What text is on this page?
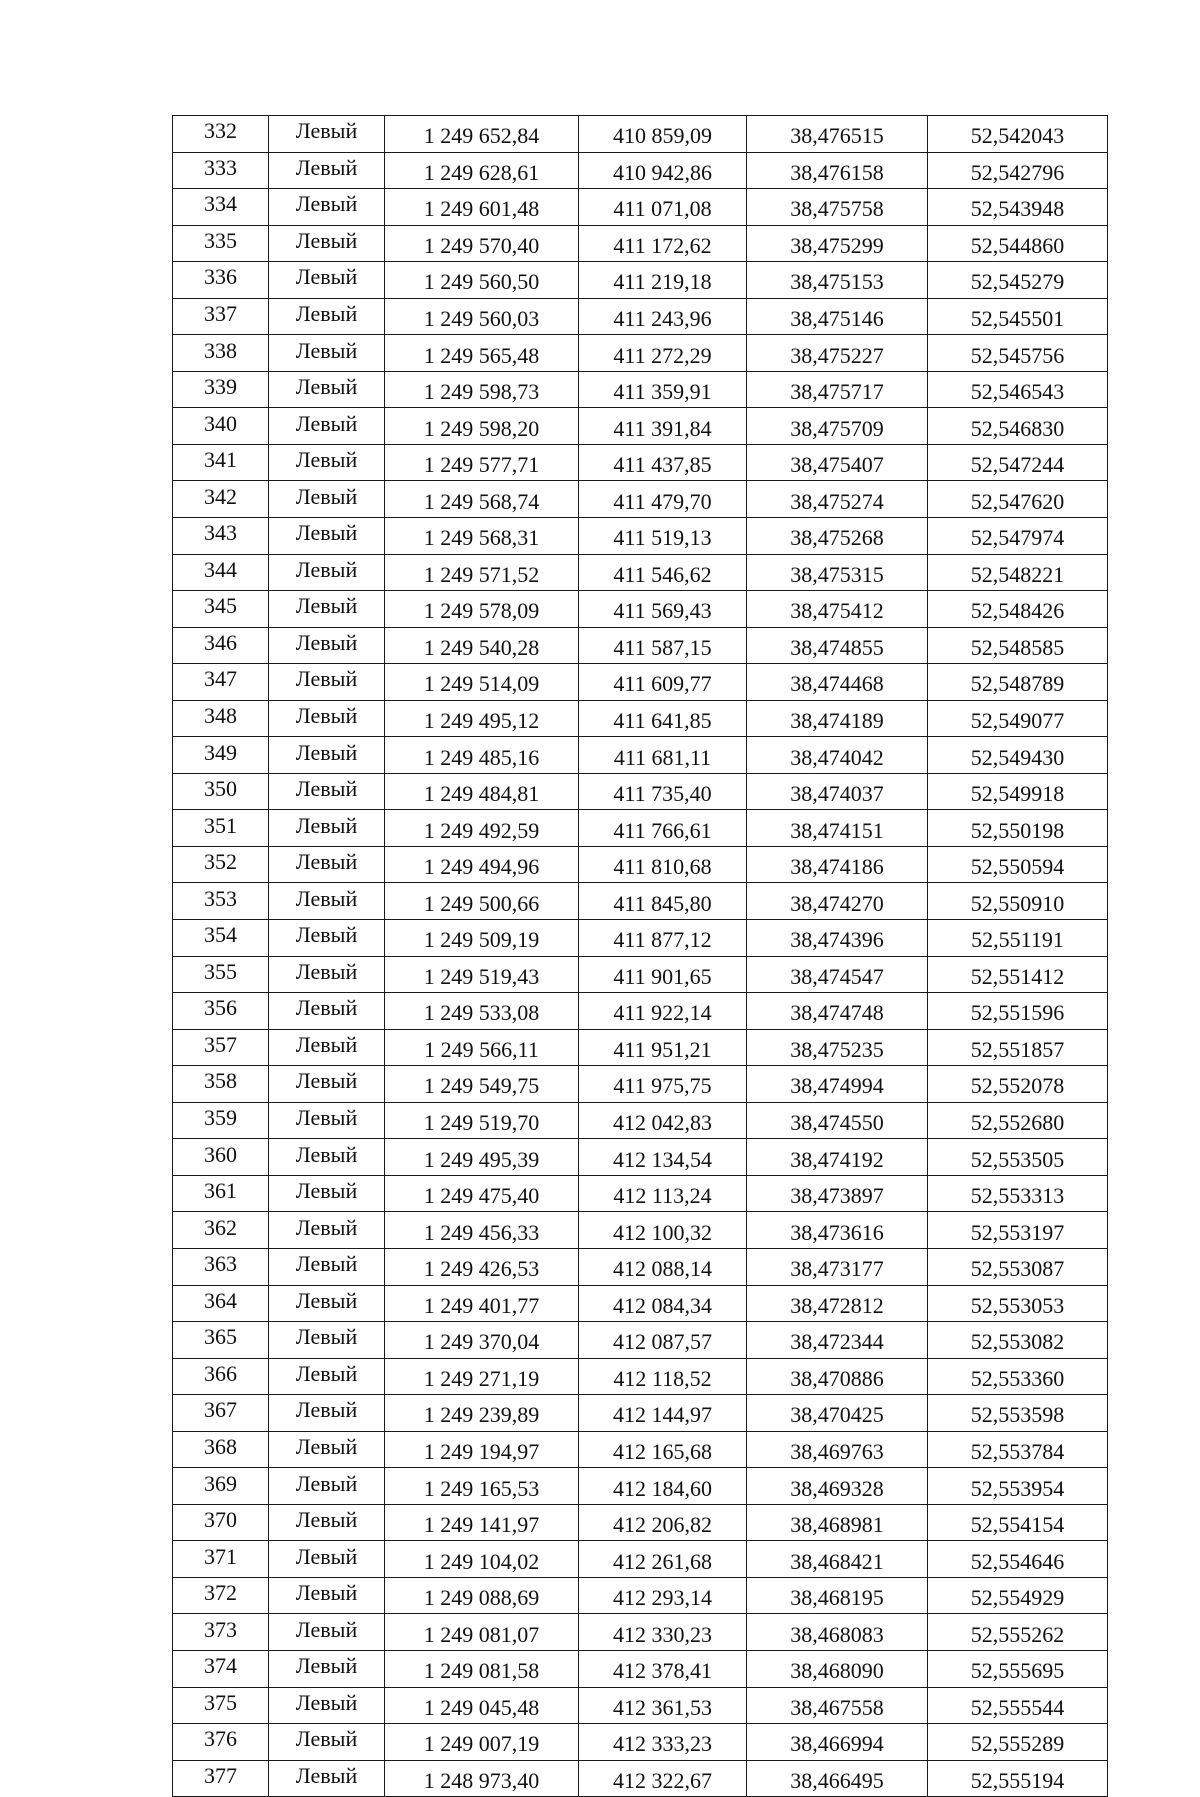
332	Левый	1 249 652,84	410 859,09	38,476515	52,542043
333	Левый	1 249 628,61	410 942,86	38,476158	52,542796
334	Левый	1 249 601,48	411 071,08	38,475758	52,543948
335	Левый	1 249 570,40	411 172,62	38,475299	52,544860
336	Левый	1 249 560,50	411 219,18	38,475153	52,545279
337	Левый	1 249 560,03	411 243,96	38,475146	52,545501
338	Левый	1 249 565,48	411 272,29	38,475227	52,545756
339	Левый	1 249 598,73	411 359,91	38,475717	52,546543
340	Левый	1 249 598,20	411 391,84	38,475709	52,546830
341	Левый	1 249 577,71	411 437,85	38,475407	52,547244
342	Левый	1 249 568,74	411 479,70	38,475274	52,547620
343	Левый	1 249 568,31	411 519,13	38,475268	52,547974
344	Левый	1 249 571,52	411 546,62	38,475315	52,548221
345	Левый	1 249 578,09	411 569,43	38,475412	52,548426
346	Левый	1 249 540,28	411 587,15	38,474855	52,548585
347	Левый	1 249 514,09	411 609,77	38,474468	52,548789
348	Левый	1 249 495,12	411 641,85	38,474189	52,549077
349	Левый	1 249 485,16	411 681,11	38,474042	52,549430
350	Левый	1 249 484,81	411 735,40	38,474037	52,549918
351	Левый	1 249 492,59	411 766,61	38,474151	52,550198
352	Левый	1 249 494,96	411 810,68	38,474186	52,550594
353	Левый	1 249 500,66	411 845,80	38,474270	52,550910
354	Левый	1 249 509,19	411 877,12	38,474396	52,551191
355	Левый	1 249 519,43	411 901,65	38,474547	52,551412
356	Левый	1 249 533,08	411 922,14	38,474748	52,551596
357	Левый	1 249 566,11	411 951,21	38,475235	52,551857
358	Левый	1 249 549,75	411 975,75	38,474994	52,552078
359	Левый	1 249 519,70	412 042,83	38,474550	52,552680
360	Левый	1 249 495,39	412 134,54	38,474192	52,553505
361	Левый	1 249 475,40	412 113,24	38,473897	52,553313
362	Левый	1 249 456,33	412 100,32	38,473616	52,553197
363	Левый	1 249 426,53	412 088,14	38,473177	52,553087
364	Левый	1 249 401,77	412 084,34	38,472812	52,553053
365	Левый	1 249 370,04	412 087,57	38,472344	52,553082
366	Левый	1 249 271,19	412 118,52	38,470886	52,553360
367	Левый	1 249 239,89	412 144,97	38,470425	52,553598
368	Левый	1 249 194,97	412 165,68	38,469763	52,553784
369	Левый	1 249 165,53	412 184,60	38,469328	52,553954
370	Левый	1 249 141,97	412 206,82	38,468981	52,554154
371	Левый	1 249 104,02	412 261,68	38,468421	52,554646
372	Левый	1 249 088,69	412 293,14	38,468195	52,554929
373	Левый	1 249 081,07	412 330,23	38,468083	52,555262
374	Левый	1 249 081,58	412 378,41	38,468090	52,555695
375	Левый	1 249 045,48	412 361,53	38,467558	52,555544
376	Левый	1 249 007,19	412 333,23	38,466994	52,555289
377	Левый	1 248 973,40	412 322,67	38,466495	52,555194
